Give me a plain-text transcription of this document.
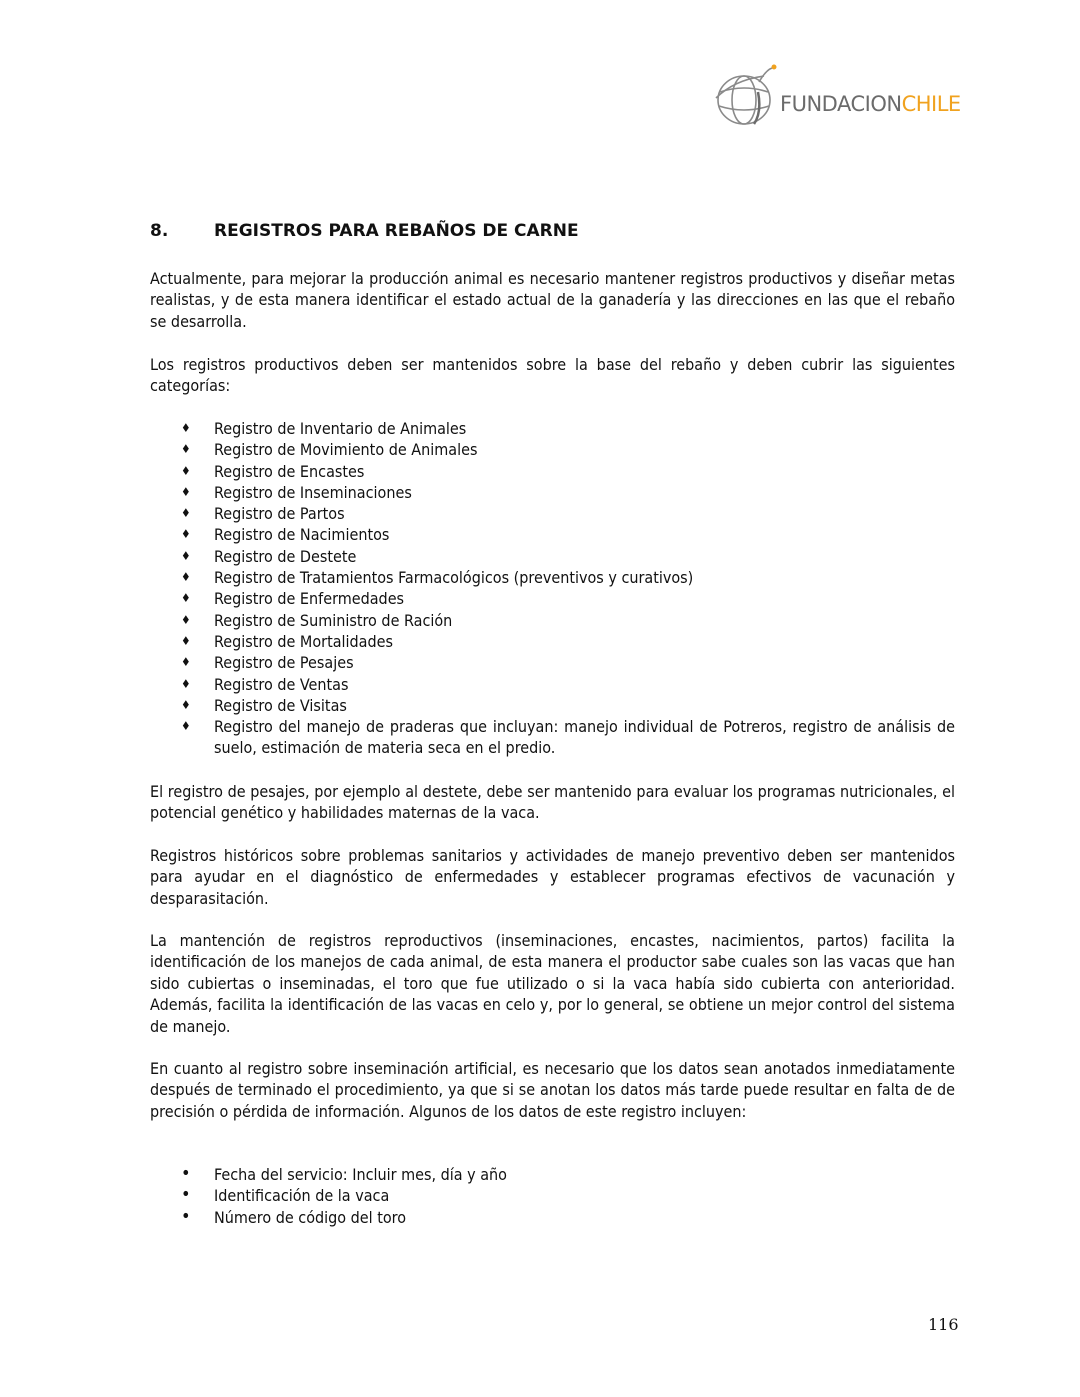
FUNDACIONCHILE
8.	REGISTROS PARA REBAÑOS DE CARNE

Actualmente, para mejorar la producción animal es necesario mantener registros productivos y diseñar metas realistas, y de esta manera identificar el estado actual de la ganadería y las direcciones en las que el rebaño se desarrolla.

Los registros productivos deben ser mantenidos sobre la base del rebaño y deben cubrir las siguientes categorías:

♦ Registro de Inventario de Animales
♦ Registro de Movimiento de Animales
♦ Registro de Encastes
♦ Registro de Inseminaciones
♦ Registro de Partos
♦ Registro de Nacimientos
♦ Registro de Destete
♦ Registro de Tratamientos Farmacológicos (preventivos y curativos)
♦ Registro de Enfermedades
♦ Registro de Suministro de Ración
♦ Registro de Mortalidades
♦ Registro de Pesajes
♦ Registro de Ventas
♦ Registro de Visitas
♦ Registro del manejo de praderas que incluyan: manejo individual de Potreros, registro de análisis de suelo, estimación de materia seca en el predio.

El registro de pesajes, por ejemplo al destete, debe ser mantenido para evaluar los programas nutricionales, el potencial genético y habilidades maternas de la vaca.

Registros históricos sobre problemas sanitarios y actividades de manejo preventivo deben ser mantenidos para ayudar en el diagnóstico de enfermedades y establecer programas efectivos de vacunación y desparasitación.

La mantención de registros reproductivos (inseminaciones, encastes, nacimientos, partos) facilita la identificación de los manejos de cada animal, de esta manera el productor sabe cuales son las vacas que han sido cubiertas o inseminadas, el toro que fue utilizado o si la vaca había sido cubierta con anterioridad. Además, facilita la identificación de las vacas en celo y, por lo general, se obtiene un mejor control del sistema de manejo.

En cuanto al registro sobre inseminación artificial, es necesario que los datos sean anotados inmediatamente después de terminado el procedimiento, ya que si se anotan los datos más tarde puede resultar en falta de de precisión o pérdida de información. Algunos de los datos de este registro incluyen:

• Fecha del servicio: Incluir mes, día y año
• Identificación de la vaca
• Número de código del toro
116
